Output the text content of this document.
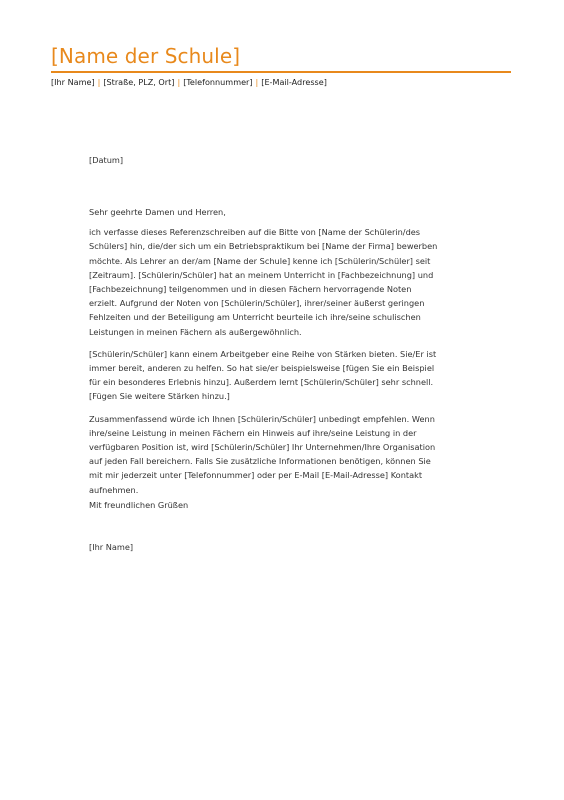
[Name der Schule]
[Ihr Name] | [Straße, PLZ, Ort] | [Telefonnummer] | [E-Mail-Adresse]
[Datum]

Sehr geehrte Damen und Herren,

ich verfasse dieses Referenzschreiben auf die Bitte von [Name der Schülerin/des
Schülers] hin, die/der sich um ein Betriebspraktikum bei [Name der Firma] bewerben
möchte. Als Lehrer an der/am [Name der Schule] kenne ich [Schülerin/Schüler] seit
[Zeitraum]. [Schülerin/Schüler] hat an meinem Unterricht in [Fachbezeichnung] und
[Fachbezeichnung] teilgenommen und in diesen Fächern hervorragende Noten
erzielt. Aufgrund der Noten von [Schülerin/Schüler], ihrer/seiner äußerst geringen
Fehlzeiten und der Beteiligung am Unterricht beurteile ich ihre/seine schulischen
Leistungen in meinen Fächern als außergewöhnlich.

[Schülerin/Schüler] kann einem Arbeitgeber eine Reihe von Stärken bieten. Sie/Er ist
immer bereit, anderen zu helfen. So hat sie/er beispielsweise [fügen Sie ein Beispiel
für ein besonderes Erlebnis hinzu]. Außerdem lernt [Schülerin/Schüler] sehr schnell.
[Fügen Sie weitere Stärken hinzu.]

Zusammenfassend würde ich Ihnen [Schülerin/Schüler] unbedingt empfehlen. Wenn
ihre/seine Leistung in meinen Fächern ein Hinweis auf ihre/seine Leistung in der
verfügbaren Position ist, wird [Schülerin/Schüler] Ihr Unternehmen/Ihre Organisation
auf jeden Fall bereichern. Falls Sie zusätzliche Informationen benötigen, können Sie
mit mir jederzeit unter [Telefonnummer] oder per E-Mail [E-Mail-Adresse] Kontakt
aufnehmen.

Mit freundlichen Grüßen
[Ihr Name]
